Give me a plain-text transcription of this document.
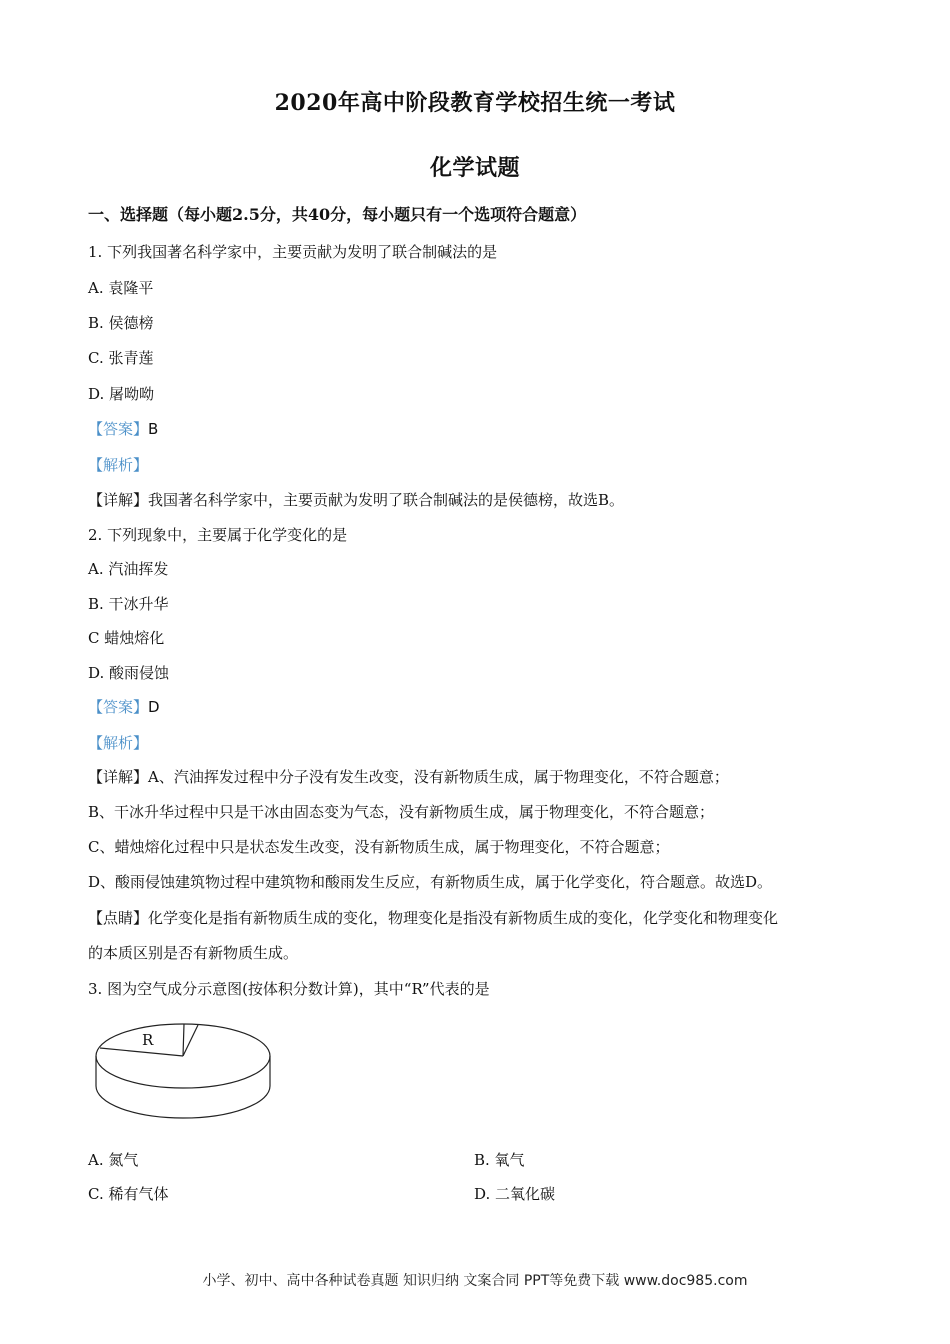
2020年高中阶段教育学校招生统一考试
化学试题
一、选择题（每小题2.5分，共40分，每小题只有一个选项符合题意）
1. 下列我国著名科学家中，主要贡献为发明了联合制碱法的是
A. 袁隆平
B. 侯德榜
C. 张青莲
D. 屠呦呦
【答案】B
【解析】
【详解】我国著名科学家中，主要贡献为发明了联合制碱法的是侯德榜，故选B。
2. 下列现象中，主要属于化学变化的是
A. 汽油挥发
B. 干冰升华
C 蜡烛熔化
D. 酸雨侵蚀
【答案】D
【解析】
【详解】A、汽油挥发过程中分子没有发生改变，没有新物质生成，属于物理变化，不符合题意；
B、干冰升华过程中只是干冰由固态变为气态，没有新物质生成，属于物理变化，不符合题意；
C、蜡烛熔化过程中只是状态发生改变，没有新物质生成，属于物理变化，不符合题意；
D、酸雨侵蚀建筑物过程中建筑物和酸雨发生反应，有新物质生成，属于化学变化，符合题意。故选D。
【点睛】化学变化是指有新物质生成的变化，物理变化是指没有新物质生成的变化，化学变化和物理变化
的本质区别是否有新物质生成。
3. 图为空气成分示意图(按体积分数计算)，其中“R”代表的是
R
A. 氮气	B. 氧气
C. 稀有气体	D. 二氧化碳
小学、初中、高中各种试卷真题 知识归纳 文案合同 PPT等免费下载 www.doc985.com
